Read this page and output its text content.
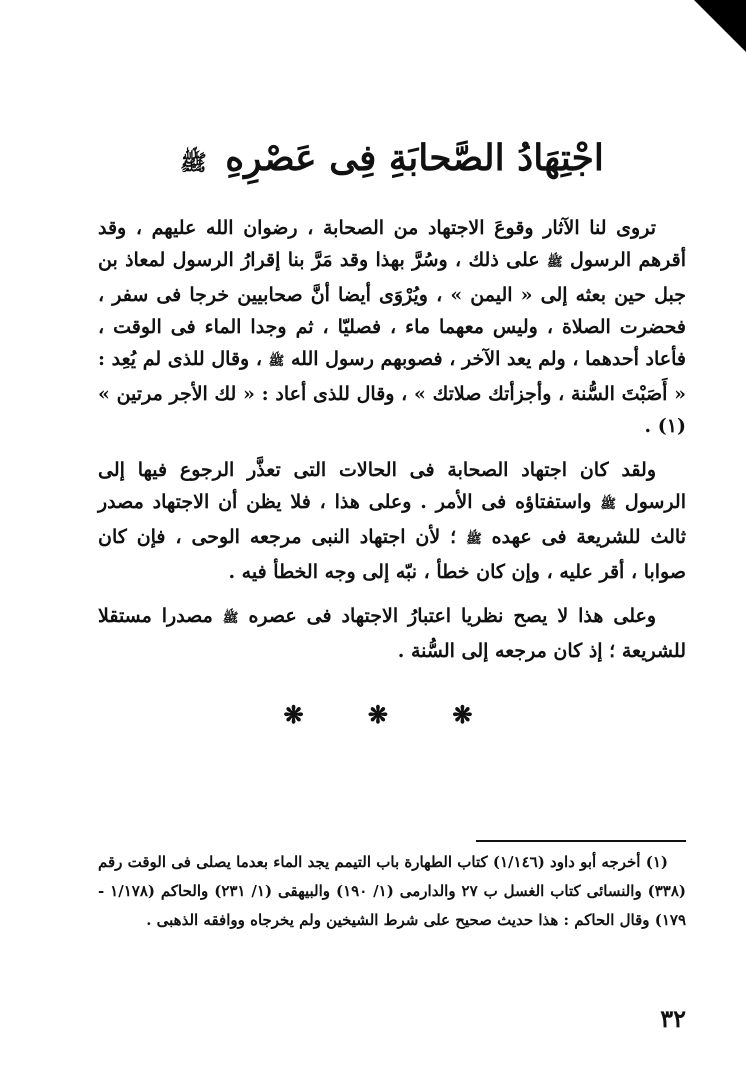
اجْتِهَادُ الصَّحابَةِ فِى عَصْرِهِ ﷺ

تروى لنا الآثار وقوعَ الاجتهاد من الصحابة ، رضوان الله عليهم ، وقد أقرهم الرسول ﷺ على ذلك ، وسُرَّ بهذا وقد مَرَّ بنا إقرارُ الرسول لمعاذ بن جبل حين بعثه إلى « اليمن » ، ويُرْوَى أيضا أنَّ صحابيين خرجا فى سفر ، فحضرت الصلاة ، وليس معهما ماء ، فصليّا ، ثم وجدا الماء فى الوقت ، فأعاد أحدهما ، ولم يعد الآخر ، فصوبهم رسول الله ﷺ ، وقال للذى لم يُعِد : « أَصَبْتَ السُّنة ، وأجزأتك صلاتك » ، وقال للذى أعاد : « لك الأجر مرتين » (١) .

ولقد كان اجتهاد الصحابة فى الحالات التى تعذَّر الرجوع فيها إلى الرسول ﷺ واستفتاؤه فى الأمر . وعلى هذا ، فلا يظن أن الاجتهاد مصدر ثالث للشريعة فى عهده ﷺ ؛ لأن اجتهاد النبى مرجعه الوحى ، فإن كان صوابا ، أقر عليه ، وإن كان خطأ ، نبّه إلى وجه الخطأ فيه .

وعلى هذا لا يصح نظريا اعتبارُ الاجتهاد فى عصره ﷺ مصدرا مستقلا للشريعة ؛ إذ كان مرجعه إلى السُّنة .

❋ ❋ ❋
(١) أخرجه أبو داود (١/١٤٦) كتاب الطهارة باب التيمم يجد الماء بعدما يصلى فى الوقت رقم (٣٣٨) والنسائى كتاب الغسل ب ٢٧ والدارمى (١/ ١٩٠) والبيهقى (١/ ٢٣١) والحاكم (١/١٧٨ - ١٧٩) وقال الحاكم : هذا حديث صحيح على شرط الشيخين ولم يخرجاه ووافقه الذهبى .
٣٢
